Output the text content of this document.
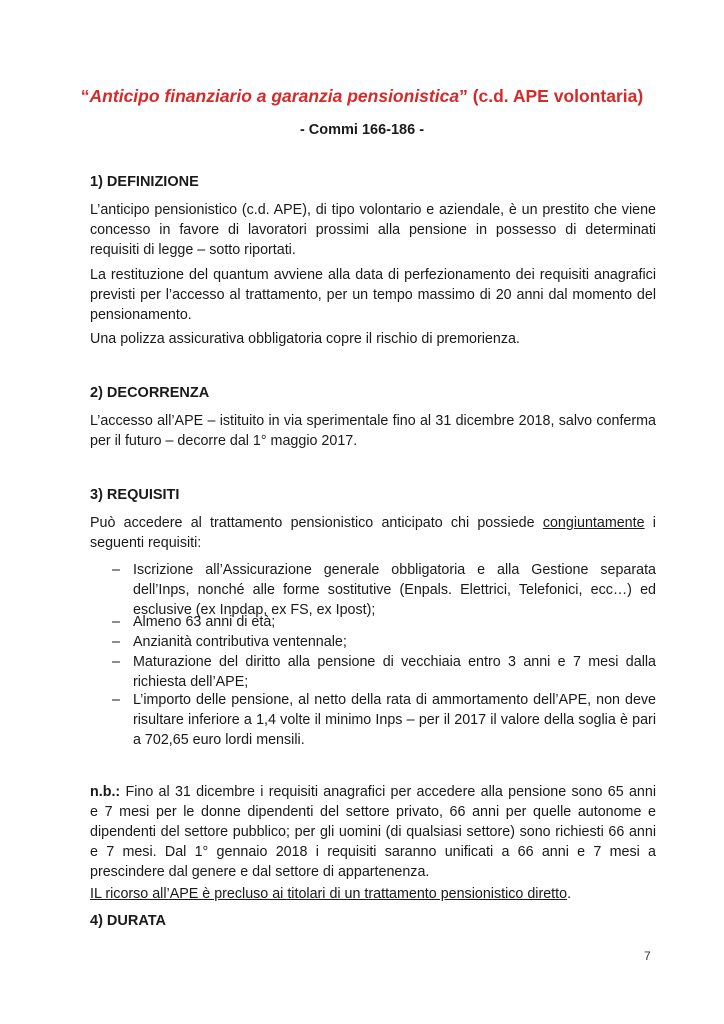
“Anticipo finanziario a garanzia pensionistica” (c.d. APE volontaria)
- Commi 166-186 -
1) DEFINIZIONE
L’anticipo pensionistico (c.d. APE), di tipo volontario e aziendale, è un prestito che viene
concesso in favore di lavoratori prossimi alla pensione in possesso di determinati
requisiti di legge – sotto riportati.
La restituzione del quantum avviene alla data di perfezionamento dei requisiti anagrafici
previsti per l’accesso al trattamento, per un tempo massimo di 20 anni dal momento del
pensionamento.
Una polizza assicurativa obbligatoria copre il rischio di premorienza.
2) DECORRENZA
L’accesso all’APE – istituito in via sperimentale fino al 31 dicembre 2018, salvo conferma
per il futuro – decorre dal 1° maggio 2017.
3) REQUISITI
Può accedere al trattamento pensionistico anticipato chi possiede congiuntamente i
seguenti requisiti:
– Iscrizione all’Assicurazione generale obbligatoria e alla Gestione separata
dell’Inps, nonché alle forme sostitutive (Enpals. Elettrici, Telefonici, ecc…) ed
esclusive (ex Inpdap, ex FS, ex Ipost);
– Almeno 63 anni di età;
– Anzianità contributiva ventennale;
– Maturazione del diritto alla pensione di vecchiaia entro 3 anni e 7 mesi dalla
richiesta dell’APE;
– L’importo delle pensione, al netto della rata di ammortamento dell’APE, non deve
risultare inferiore a 1,4 volte il minimo Inps – per il 2017 il valore della soglia è pari
a 702,65 euro lordi mensili.
n.b.: Fino al 31 dicembre i requisiti anagrafici per accedere alla pensione sono 65 anni
e 7 mesi per le donne dipendenti del settore privato, 66 anni per quelle autonome e
dipendenti del settore pubblico; per gli uomini (di qualsiasi settore) sono richiesti 66 anni
e 7 mesi. Dal 1° gennaio 2018 i requisiti saranno unificati a 66 anni e 7 mesi a
prescindere dal genere e dal settore di appartenenza.
IL ricorso all’APE è precluso ai titolari di un trattamento pensionistico diretto.
4) DURATA
7
